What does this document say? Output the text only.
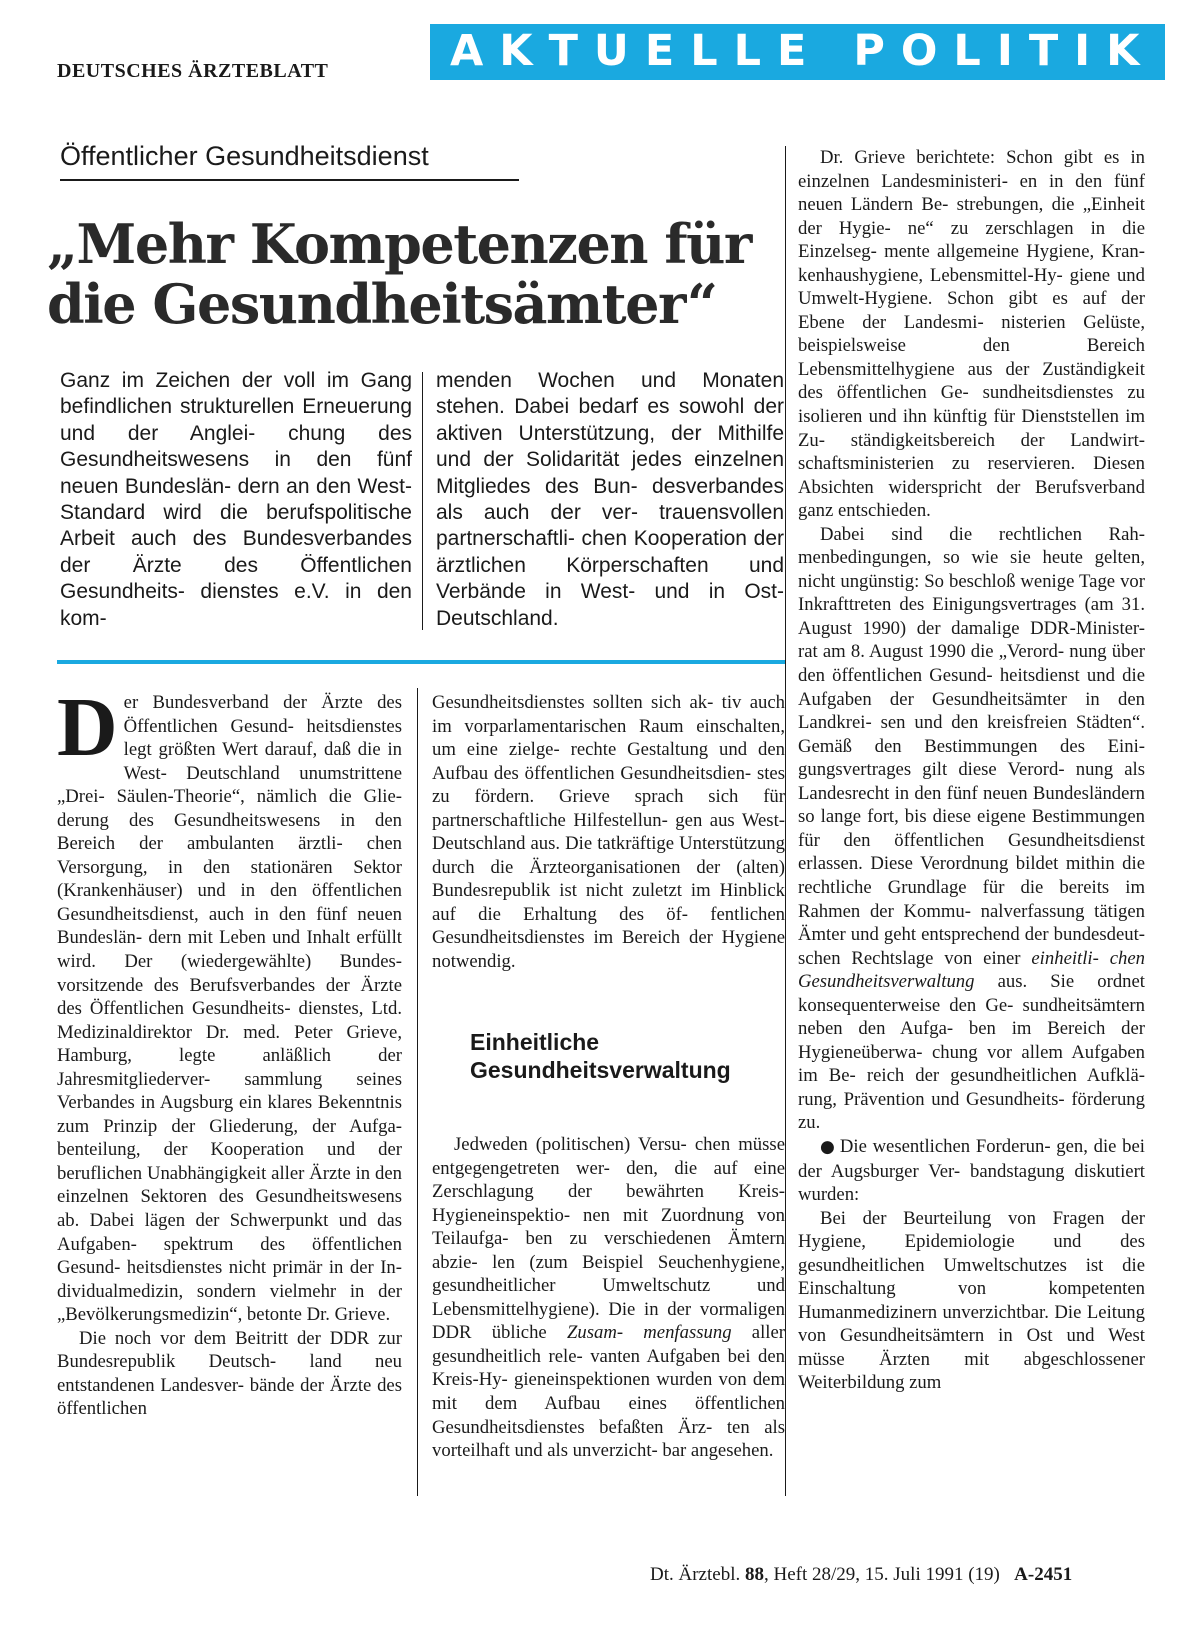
DEUTSCHES ÄRZTEBLATT	AKTUELLE POLITIK
Öffentlicher Gesundheitsdienst
„Mehr Kompetenzen für
die Gesundheitsämter“
Ganz im Zeichen der voll im Gang befindlichen strukturellen Erneuerung und der Anglei- chung des Gesundheitswesens in den fünf neuen Bundeslän- dern an den West-Standard wird die berufspolitische Arbeit auch des Bundesverbandes der Ärzte des Öffentlichen Gesundheits- dienstes e.V. in den kom-
menden Wochen und Monaten stehen. Dabei bedarf es sowohl der aktiven Unterstützung, der Mithilfe und der Solidarität jedes einzelnen Mitgliedes des Bun- desverbandes als auch der ver- trauensvollen partnerschaftli- chen Kooperation der ärztlichen Körperschaften und Verbände in West- und in Ost-Deutschland.

Der Bundesverband der Ärzte des Öffentlichen Gesund- heitsdienstes legt größten Wert darauf, daß die in West- Deutschland unumstrittene „Drei- Säulen-Theorie“, nämlich die Glie- derung des Gesundheitswesens in den Bereich der ambulanten ärztli- chen Versorgung, in den stationären Sektor (Krankenhäuser) und in den öffentlichen Gesundheitsdienst, auch in den fünf neuen Bundeslän- dern mit Leben und Inhalt erfüllt wird. Der (wiedergewählte) Bundes- vorsitzende des Berufsverbandes der Ärzte des Öffentlichen Gesundheits- dienstes, Ltd. Medizinaldirektor Dr. med. Peter Grieve, Hamburg, legte anläßlich der Jahresmitgliederver- sammlung seines Verbandes in Augsburg ein klares Bekenntnis zum Prinzip der Gliederung, der Aufga- benteilung, der Kooperation und der beruflichen Unabhängigkeit aller Ärzte in den einzelnen Sektoren des Gesundheitswesens ab. Dabei lägen der Schwerpunkt und das Aufgaben- spektrum des öffentlichen Gesund- heitsdienstes nicht primär in der In- dividualmedizin, sondern vielmehr in der „Bevölkerungsmedizin“, betonte Dr. Grieve.

Die noch vor dem Beitritt der DDR zur Bundesrepublik Deutsch- land neu entstandenen Landesver- bände der Ärzte des öffentlichen

Gesundheitsdienstes sollten sich ak- tiv auch im vorparlamentarischen Raum einschalten, um eine zielge- rechte Gestaltung und den Aufbau des öffentlichen Gesundheitsdien- stes zu fördern. Grieve sprach sich für partnerschaftliche Hilfestellun- gen aus West-Deutschland aus. Die tatkräftige Unterstützung durch die Ärzteorganisationen der (alten) Bundesrepublik ist nicht zuletzt im Hinblick auf die Erhaltung des öf- fentlichen Gesundheitsdienstes im Bereich der Hygiene notwendig.

Einheitliche
Gesundheitsverwaltung

Jedweden (politischen) Versu- chen müsse entgegengetreten wer- den, die auf eine Zerschlagung der bewährten Kreis-Hygieneinspektio- nen mit Zuordnung von Teilaufga- ben zu verschiedenen Ämtern abzie- len (zum Beispiel Seuchenhygiene, gesundheitlicher Umweltschutz und Lebensmittelhygiene). Die in der vormaligen DDR übliche Zusam- menfassung aller gesundheitlich rele- vanten Aufgaben bei den Kreis-Hy- gieneinspektionen wurden von dem mit dem Aufbau eines öffentlichen Gesundheitsdienstes befaßten Ärz- ten als vorteilhaft und als unverzicht- bar angesehen.

Dr. Grieve berichtete: Schon gibt es in einzelnen Landesministeri- en in den fünf neuen Ländern Be- strebungen, die „Einheit der Hygie- ne“ zu zerschlagen in die Einzelseg- mente allgemeine Hygiene, Kran- kenhaushygiene, Lebensmittel-Hy- giene und Umwelt-Hygiene. Schon gibt es auf der Ebene der Landesmi- nisterien Gelüste, beispielsweise den Bereich Lebensmittelhygiene aus der Zuständigkeit des öffentlichen Ge- sundheitsdienstes zu isolieren und ihn künftig für Dienststellen im Zu- ständigkeitsbereich der Landwirt- schaftsministerien zu reservieren. Diesen Absichten widerspricht der Berufsverband ganz entschieden.

Dabei sind die rechtlichen Rah- menbedingungen, so wie sie heute gelten, nicht ungünstig: So beschloß wenige Tage vor Inkrafttreten des Einigungsvertrages (am 31. August 1990) der damalige DDR-Minister- rat am 8. August 1990 die „Verord- nung über den öffentlichen Gesund- heitsdienst und die Aufgaben der Gesundheitsämter in den Landkrei- sen und den kreisfreien Städten“. Gemäß den Bestimmungen des Eini- gungsvertrages gilt diese Verord- nung als Landesrecht in den fünf neuen Bundesländern so lange fort, bis diese eigene Bestimmungen für den öffentlichen Gesundheitsdienst erlassen. Diese Verordnung bildet mithin die rechtliche Grundlage für die bereits im Rahmen der Kommu- nalverfassung tätigen Ämter und geht entsprechend der bundesdeut- schen Rechtslage von einer einheitli- chen Gesundheitsverwaltung aus. Sie ordnet konsequenterweise den Ge- sundheitsämtern neben den Aufga- ben im Bereich der Hygieneüberwa- chung vor allem Aufgaben im Be- reich der gesundheitlichen Aufklä- rung, Prävention und Gesundheits- förderung zu.

● Die wesentlichen Forderun- gen, die bei der Augsburger Ver- bandstagung diskutiert wurden:

Bei der Beurteilung von Fragen der Hygiene, Epidemiologie und des gesundheitlichen Umweltschutzes ist die Einschaltung von kompetenten Humanmedizinern unverzichtbar. Die Leitung von Gesundheitsämtern in Ost und West müsse Ärzten mit abgeschlossener Weiterbildung zum

Dt. Ärztebl. 88, Heft 28/29, 15. Juli 1991 (19) A-2451
